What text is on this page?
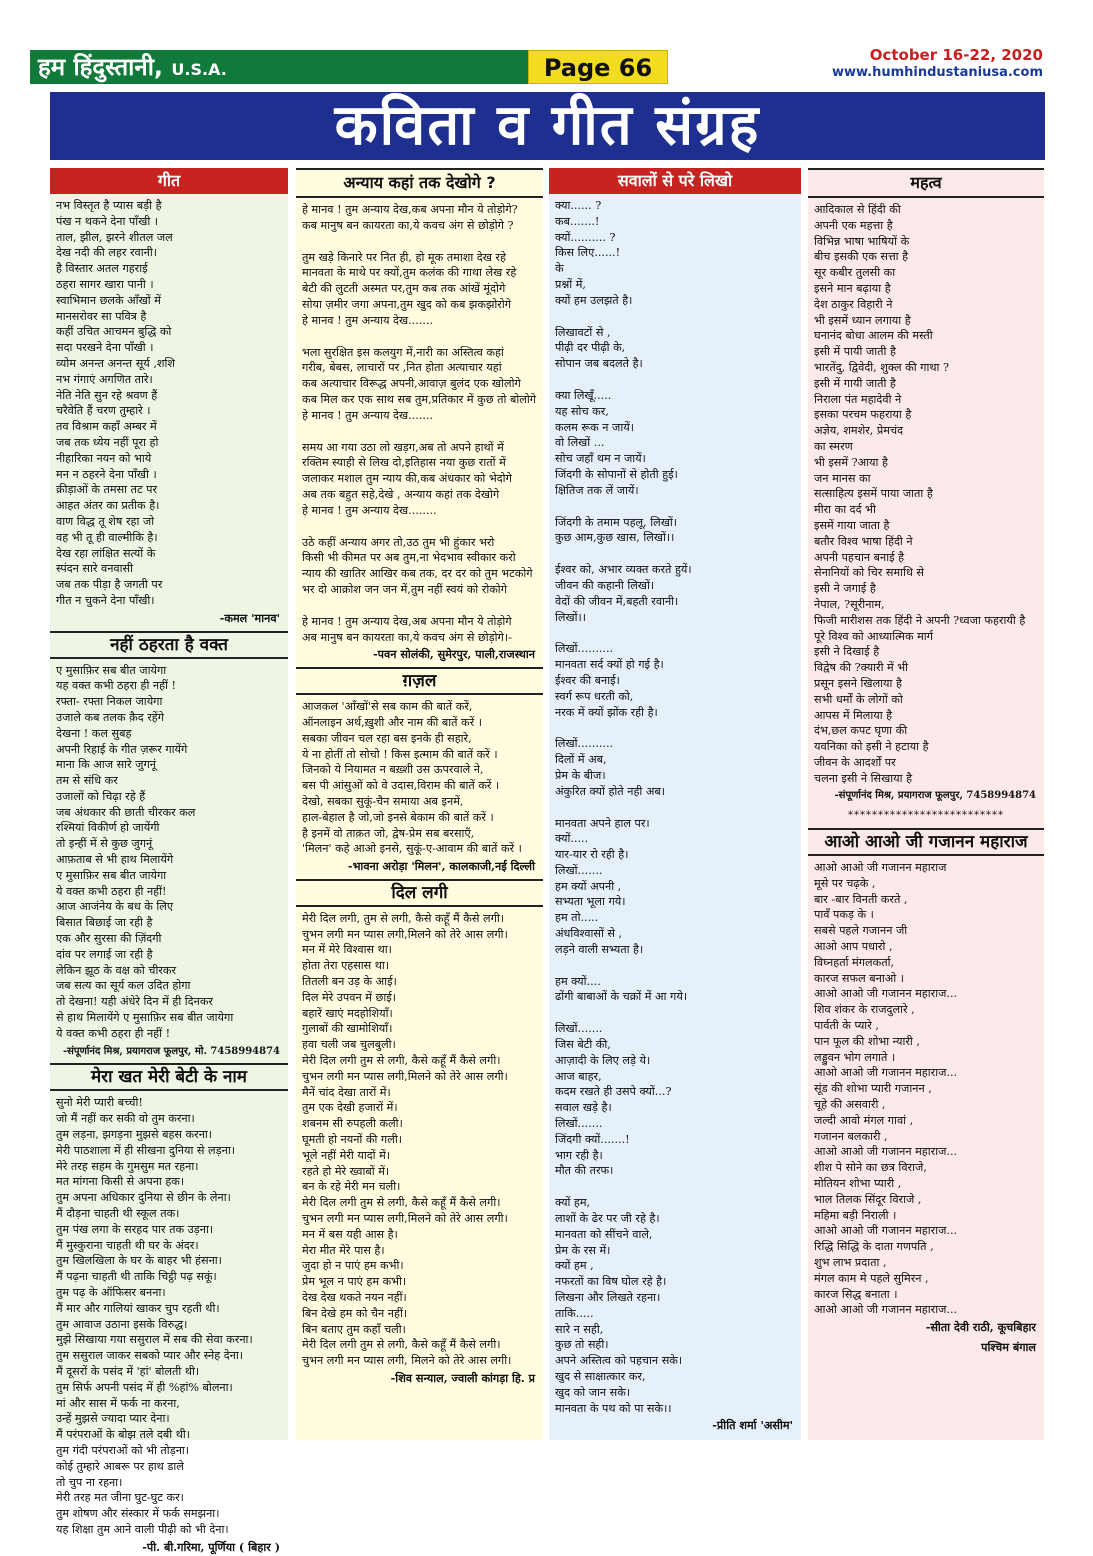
हम हिंदुस्तानी, U.S.A.	Page 66	October 16-22, 2020
www.humhindustaniusa.com
कविता व गीत संग्रह
गीत
नभ विस्तृत है प्यास बड़ी है
पंख न थकने देना पाँखी ।
ताल, झील, झरने शीतल जल
देख नदी की लहर रवानी।
है विस्तार अतल गहराई
ठहरा सागर खारा पानी ।
स्वाभिमान छलके आँखों में
मानसरोवर सा पवित्र है
कहीं उचित आचमन बुद्धि को
सदा परखने देना पाँखी ।
व्योम अनन्त अनन्त सूर्य ,शशि
नभ गंगाएं अगणित तारे।
नेति नेति सुन रहे श्रवण हैं
चरैवेति हैं चरण तुम्हारे ।
तव विश्राम कहाँ अम्बर में
जब तक ध्येय नहीं पूरा हो
नीहारिका नयन को भाये
मन न ठहरने देना पाँखी ।
क्रीड़ाओं के तमसा तट पर
आहत अंतर का प्रतीक है।
वाण विद्ध तू शेष रहा जो
वह भी तू ही वाल्मीकि है।
देख रहा लांक्षित सत्यों के
स्पंदन सारे वनवासी
जब तक पीड़ा है जगती पर
गीत न चुकने देना पाँखी।
-कमल 'मानव'
नहीं ठहरता है वक्त
ए मुसाफ़िर सब बीत जायेगा
यह वक्त कभी ठहरा ही नहीं !
रफ्ता- रफ्ता निकल जायेगा
उजाले कब तलक क़ैद रहेंगे
देखना ! कल सुबह
अपनी रिहाई के गीत ज़रूर गायेंगे
माना कि आज सारे जुगनूं
तम से संधि कर
उजालों को चिढ़ा रहे हैं
जब अंधकार की छाती चीरकर कल
रश्मियां विकीर्ण हो जायेंगी
तो इन्हीं में से कुछ जुगनूं
आफ़ताब से भी हाथ मिलायेंगे
ए मुसाफ़िर सब बीत जायेगा
ये वक्त कभी ठहरा ही नहीं!
आज आजंनेय के बध के लिए
बिसात बिछाई जा रही है
एक और सुरसा की ज़िंदगी
दांव पर लगाई जा रही है
लेकिन झूठ के वक्ष को चीरकर
जब सत्य का सूर्य कल उदित होगा
तो देखना! यही अंधेरे दिन में ही दिनकर
से हाथ मिलायेंगे ए मुसाफ़िर सब बीत जायेगा
ये वक्त कभी ठहरा ही नहीं !
-संपूर्णानंद मिश्र, प्रयागराज फूलपुर, मो. 7458994874
मेरा खत मेरी बेटी के नाम
सुनो मेरी प्यारी बच्ची!
जो मैं नहीं कर सकी वो तुम करना।
तुम लड़ना, झगड़ना मुझसे बहस करना।
मेरी पाठशाला में ही सीखना दुनिया से लड़ना।
मेरे तरह सहम के गुमसुम मत रहना।
मत मांगना किसी से अपना हक।
तुम अपना अधिकार दुनिया से छीन के लेना।
मैं दौड़ना चाहती थी स्कूल तक।
तुम पंख लगा के सरहद पार तक उड़ना।
मैं मुस्कुराना चाहती थी घर के अंदर।
तुम खिलखिला के घर के बाहर भी हंसना।
मैं पढ़ना चाहती थी ताकि चिट्ठी पढ़ सकूं।
तुम पढ़ के ऑफिसर बनना।
मैं मार और गालियां खाकर चुप रहती थी।
तुम आवाज उठाना इसके विरुद्ध।
मुझे सिखाया गया ससुराल में सब की सेवा करना।
तुम ससुराल जाकर सबको प्यार और स्नेह देना।
मैं दूसरों के पसंद में 'हां' बोलती थी।
तुम सिर्फ अपनी पसंद में ही %हां% बोलना।
मां और सास में फर्क ना करना,
उन्हें मुझसे ज्यादा प्यार देना।
मैं परंपराओं के बोझ तले दबी थी।
तुम गंदी परंपराओं को भी तोड़ना।
कोई तुम्हारे आबरू पर हाथ डाले
तो चुप ना रहना।
मेरी तरह मत जीना घुट-घुट कर।
तुम शोषण और संस्कार में फर्क समझना।
यह शिक्षा तुम आने वाली पीढ़ी को भी देना।
-पी. बी.गरिमा, पूर्णिया ( बिहार )
अन्याय कहां तक देखोगे ?
हे मानव ! तुम अन्याय देख,कब अपना मौन ये तोड़ोगे?
कब मानुष बन कायरता का,ये कवच अंग से छोड़ोगे ?
तुम खड़े किनारे पर नित ही, हो मूक तमाशा देख रहे
मानवता के माथे पर क्यों,तुम कलंक की गाथा लेख रहे
बेटी की लुटती अस्मत पर,तुम कब तक आंखें मूंदोगे
सोया ज़मीर जगा अपना,तुम खुद को कब झकझोरोगे
हे मानव ! तुम अन्याय देख.......
भला सुरक्षित इस कलयुग में,नारी का अस्तित्व कहां
गरीब, बेबस, लाचारों पर ,नित होता अत्याचार यहां
कब अत्याचार विरूद्ध अपनी,आवाज़ बुलंद एक खोलोगे
कब मिल कर एक साथ सब तुम,प्रतिकार में कुछ तो बोलोगे
हे मानव ! तुम अन्याय देख.......
समय आ गया उठा लो खड़ग,अब तो अपने हाथों में
रक्तिम स्याही से लिख दो,इतिहास नया कुछ रातों में
जलाकर मशाल तुम न्याय की,कब अंधकार को भेदोगे
अब तक बहुत सहे,देखे , अन्याय कहां तक देखोगे
हे मानव ! तुम अन्याय देख........
उठे कहीं अन्याय अगर तो,उठ तुम भी हुंकार भरो
किसी भी कीमत पर अब तुम,ना भेदभाव स्वीकार करो
न्याय की खातिर आखिर कब तक, दर दर को तुम भटकोगे
भर दो आक्रोश जन जन में,तुम नहीं स्वयं को रोकोगे
हे मानव ! तुम अन्याय देख,अब अपना मौन ये तोड़ोगे
अब मानुष बन कायरता का,ये कवच अंग से छोड़ोगे।-
-पवन सोलंकी, सुमेरपुर, पाली,राजस्थान
ग़ज़ल
आजकल 'आँखों'से सब काम की बातें करें,
ऑनलाइन अर्थ,ख़ुशी और नाम की बातें करें ।
सबका जीवन चल रहा बस इनके ही सहारे,
ये ना होतीं तो सोचो ! किस इत्माम की बातें करें ।
जिनको ये नियामत न बख़्शी उस ऊपरवाले ने,
बस पी आंसुओं को वे उदास,विराम की बातें करें ।
देखो, सबका सुकूं-चैन समाया अब इनमें,
हाल-बेहाल है जो,जो इनसे बेकाम की बातें करें ।
है इनमें वो ताक़त जो, द्वेष-प्रेम सब बरसाएँ,
'मिलन' कहे आओ इनसे, सुकूं-ए-आवाम की बातें करें ।
-भावना अरोड़ा 'मिलन', कालकाजी,नई दिल्ली
दिल लगी
मेरी दिल लगी, तुम से लगी, कैसे कहूँ मैं कैसे लगी।
चुभन लगी मन प्यास लगी,मिलने को तेरे आस लगी।
मन में मेरे विश्वास था।
होता तेरा एहसास था।
तितली बन उड़ के आई।
दिल मेरे उपवन में छाई।
बहारें खाएं मदहोशियाँ।
गुलाबों की खामोशियाँ।
हवा चली जब चुलबुली।
मेरी दिल लगी तुम से लगी, कैसे कहूँ मैं कैसे लगी।
चुभन लगी मन प्यास लगी,मिलने को तेरे आस लगी।
मैनें चांद देखा तारों में।
तुम एक देखी हजारों में।
शबनम सी रुपहली कली।
घूमती हो नयनों की गली।
भूले नहीं मेरी यादों में।
रहते हो मेरे ख्वाबों में।
बन के रहे मेरी मन चली।
मेरी दिल लगी तुम से लगी, कैसे कहूँ मैं कैसे लगी।
चुभन लगी मन प्यास लगी,मिलने को तेरे आस लगी।
मन में बस यही आस है।
मेरा मीत मेरे पास है।
जुदा हो न पाएं हम कभी।
प्रेम भूल न पाएं हम कभी।
देख देख थकते नयन नहीं।
बिन देखे हम को चैन नहीं।
बिन बताए तुम कहाँ चली।
मेरी दिल लगी तुम से लगी, कैसे कहूँ मैं कैसे लगी।
चुभन लगी मन प्यास लगी, मिलने को तेरे आस लगी।
-शिव सन्याल, ज्वाली कांगड़ा हि. प्र
सवालों से परे लिखो
क्या...... ?
कब.......!
क्यों.......... ?
किस लिए......!
के
प्रश्नों में,
क्यों हम उलझते है।
लिखावटों से ,
पीढ़ी दर पीढ़ी के,
सोपान जब बदलते है।
क्या लिखूँ.....
यह सोच कर,
कलम रूक न जायें।
वो लिखों ...
सोच जहाँ थम न जायें।
जिंदगी के सोपानों से होती हुई।
क्षितिज तक लें जायें।
जिंदगी के तमाम पहलू, लिखों।
कुछ आम,कुछ खास, लिखों।।
ईश्वर को, अभार व्यक्त करते हुयें।
जीवन की कहानी लिखों।
वेदों की जीवन में,बहती रवानी।
लिखों।।
लिखों..........
मानवता सर्द क्यों हो गई है।
ईश्वर की बनाई।
स्वर्ग रूप धरती को,
नरक में क्यों झोंक रही है।
लिखों..........
दिलों में अब,
प्रेम के बीज।
अंकुरित क्यों होते नही अब।
मानवता अपने हाल पर।
क्यों.....
यार-यार रो रही है।
लिखों.......
हम क्यों अपनी ,
सभ्यता भूला गये।
हम तो.....
अंधविश्वासों से ,
लड़ने वाली सभ्यता है।
हम क्यों....
ढोंगी बाबाओं के चक्रों में आ गये।
लिखों.......
जिस बेटी की,
आज़ादी के लिए लड़े ये।
आज बाहर,
कदम रखते ही उसपे क्यों...?
सवाल खड़े है।
लिखों.......
जिंदगी क्यों.......!
भाग रही है।
मौत की तरफ।
क्यों हम,
लाशों के ढेर पर जी रहे है।
मानवता को सींचने वाले,
प्रेम के रस में।
क्यों हम ,
नफरतों का विष घोल रहे है।
लिखना और लिखते रहना।
ताकि.....
सारे न सही,
कुछ तो सही।
अपने अस्तित्व को पहचान सके।
खुद से साक्षात्कार कर,
खुद को जान सके।
मानवता के पथ को पा सके।।
-प्रीति शर्मा 'असीम'
महत्व
आदिकाल से हिंदी की
अपनी एक महत्ता है
विभिन्न भाषा भाषियों के
बीच इसकी एक सत्ता है
सूर कबीर तुलसी का
इसने मान बढ़ाया है
देश ठाकुर विहारी ने
भी इसमें ध्यान लगाया है
घनानंद बोधा आलम की मस्ती
इसी में पायी जाती है
भारतेंदु, द्विवेदी, शुक्ल की गाथा ?
इसी में गायी जाती है
निराला पंत महादेवी ने
इसका परचम फहराया है
अज्ञेय, शमशेर, प्रेमचंद
का स्मरण
भी इसमें ?आया है
जन मानस का
सत्साहित्य इसमें पाया जाता है
मीरा का दर्द भी
इसमें गाया जाता है
बतौर विश्व भाषा हिंदी ने
अपनी पहचान बनाई है
सेनानियों को चिर समाधि से
इसी ने जगाई है
नेपाल, ?सूरीनाम,
फिजी मारीशस तक हिंदी ने अपनी ?ध्वजा फहरायी है
पूरे विश्व को आध्यात्मिक मार्ग
इसी ने दिखाई है
विद्वेष की ?क्यारी में भी
प्रसून इसने खिलाया है
सभी धर्मों के लोगों को
आपस में मिलाया है
दंभ,छल कपट घृणा की
यवनिका को इसी ने हटाया है
जीवन के आदर्शों पर
चलना इसी ने सिखाया है
-संपूर्णानंद मिश्र, प्रयागराज फूलपुर, 7458994874
**************************
आओ आओ जी गजानन महाराज
आओ आओ जी गजानन महाराज
मूसे पर चढ़के ,
बार -बार विनती करते ,
पावँ पकड़ के ।
सबसे पहले गजानन जी
आओ आप पधारो ,
विघ्नहर्ता मंगलकर्ता,
कारज सफल बनाओ ।
आओ आओ जी गजानन महाराज...
शिव शंकर के राजदुलारे ,
पार्वती के प्यारे ,
पान फूल की शोभा न्यारी ,
लड्डुवन भोग लगाते ।
आओ आओ जी गजानन महाराज...
सूंड की शोभा प्यारी गजानन ,
चूहे की असवारी ,
जल्दी आवो मंगल गावां ,
गजानन बलकारी ,
आओ आओ जी गजानन महाराज...
शीश पे सोने का छत्र विराजे,
मोतियन शोभा प्यारी ,
भाल तिलक सिंदूर विराजे ,
महिमा बड़ी निराली ।
आओ आओ जी गजानन महाराज...
रिद्धि सिद्धि के दाता गणपति ,
शुभ लाभ प्रदाता ,
मंगल काम मे पहले सुमिरन ,
कारज सिद्ध बनाता ।
आओ आओ जी गजानन महाराज...
-सीता देवी राठी, कूचबिहार
पश्चिम बंगाल
